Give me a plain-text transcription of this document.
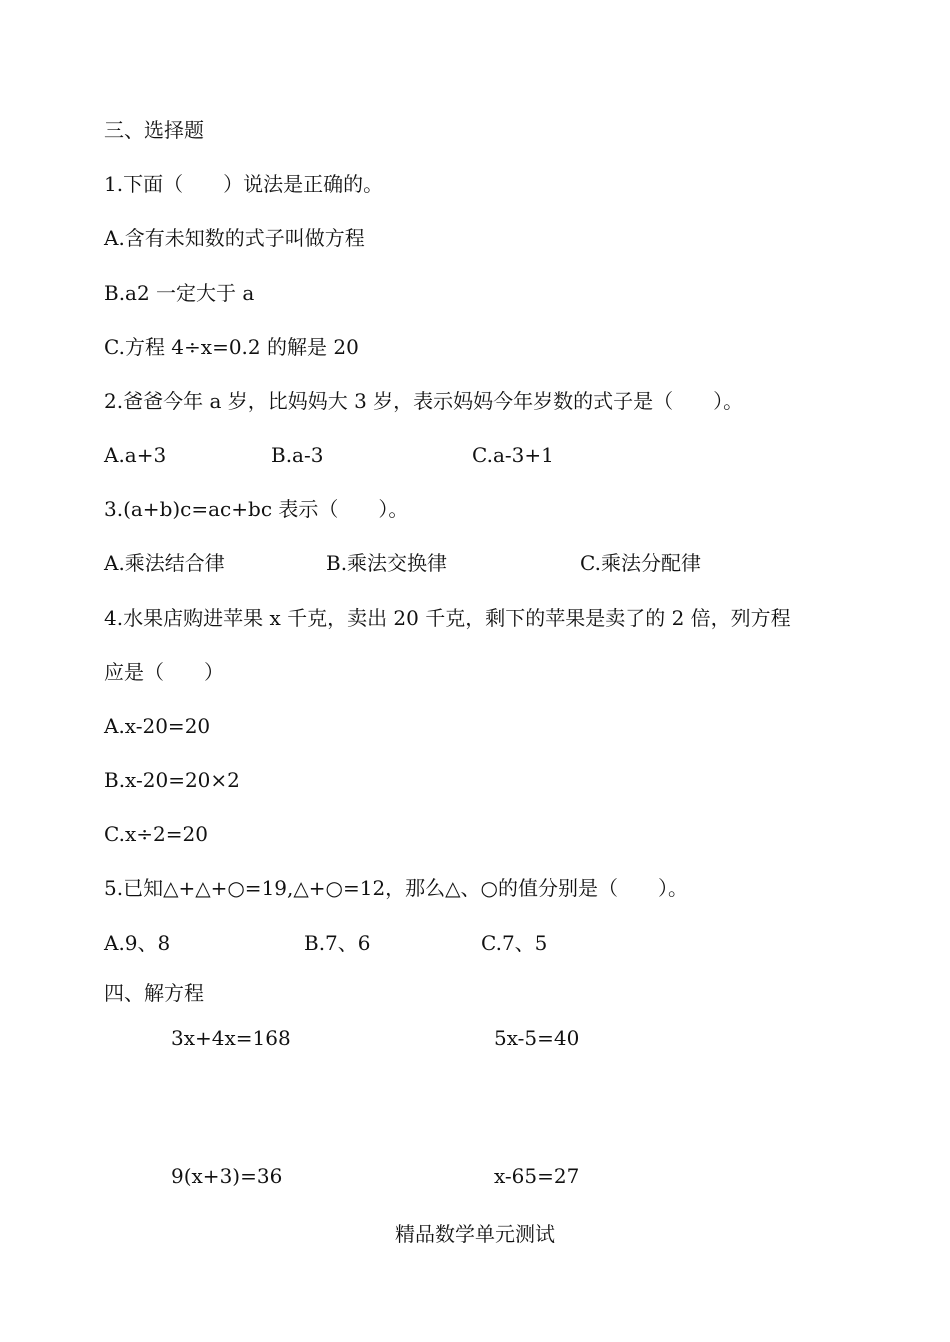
三、选择题
1.下面（　　）说法是正确的。
A.含有未知数的式子叫做方程
B.a2 一定大于 a
C.方程 4÷x=0.2 的解是 20
2.爸爸今年 a 岁，比妈妈大 3 岁，表示妈妈今年岁数的式子是（　　）。
A.a+3	B.a-3	C.a-3+1
3.(a+b)c=ac+bc 表示（　　）。
A.乘法结合律	B.乘法交换律	C.乘法分配律
4.水果店购进苹果 x 千克，卖出 20 千克，剩下的苹果是卖了的 2 倍，列方程
应是（　　）
A.x-20=20
B.x-20=20×2
C.x÷2=20
5.已知△+△+○=19,△+○=12，那么△、○的值分别是（　　）。
A.9、8	B.7、6	C.7、5
四、解方程
3x+4x=168	5x-5=40
9(x+3)=36	x-65=27
精品数学单元测试
